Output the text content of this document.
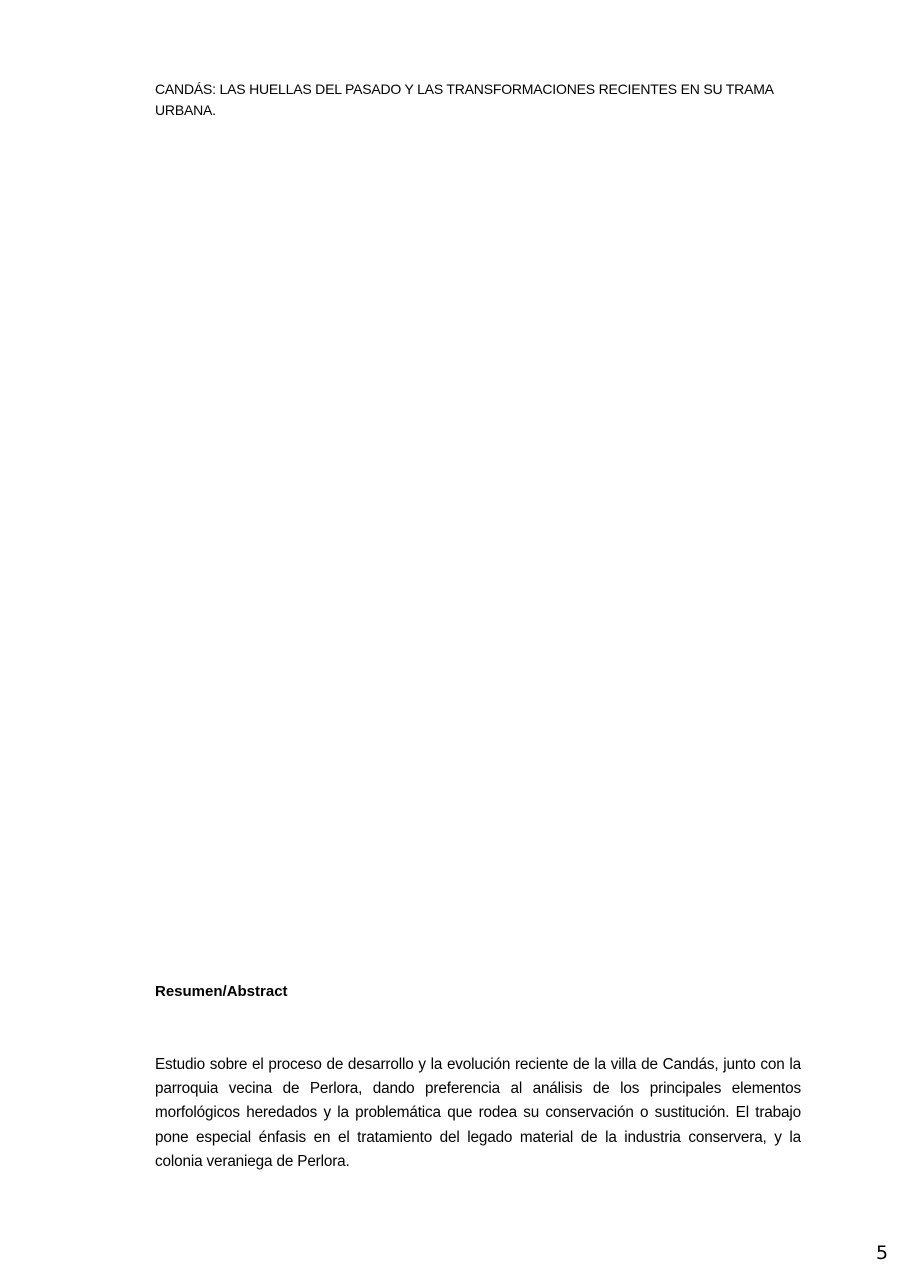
CANDÁS: LAS HUELLAS DEL PASADO Y LAS TRANSFORMACIONES RECIENTES EN SU TRAMA URBANA.

Resumen/Abstract

Estudio sobre el proceso de desarrollo y la evolución reciente de la villa de Candás, junto con la parroquia vecina de Perlora, dando preferencia al análisis de los principales elementos morfológicos heredados y la problemática que rodea su conservación o sustitución. El trabajo pone especial énfasis en el tratamiento del legado material de la industria conservera, y la colonia veraniega de Perlora.

5
